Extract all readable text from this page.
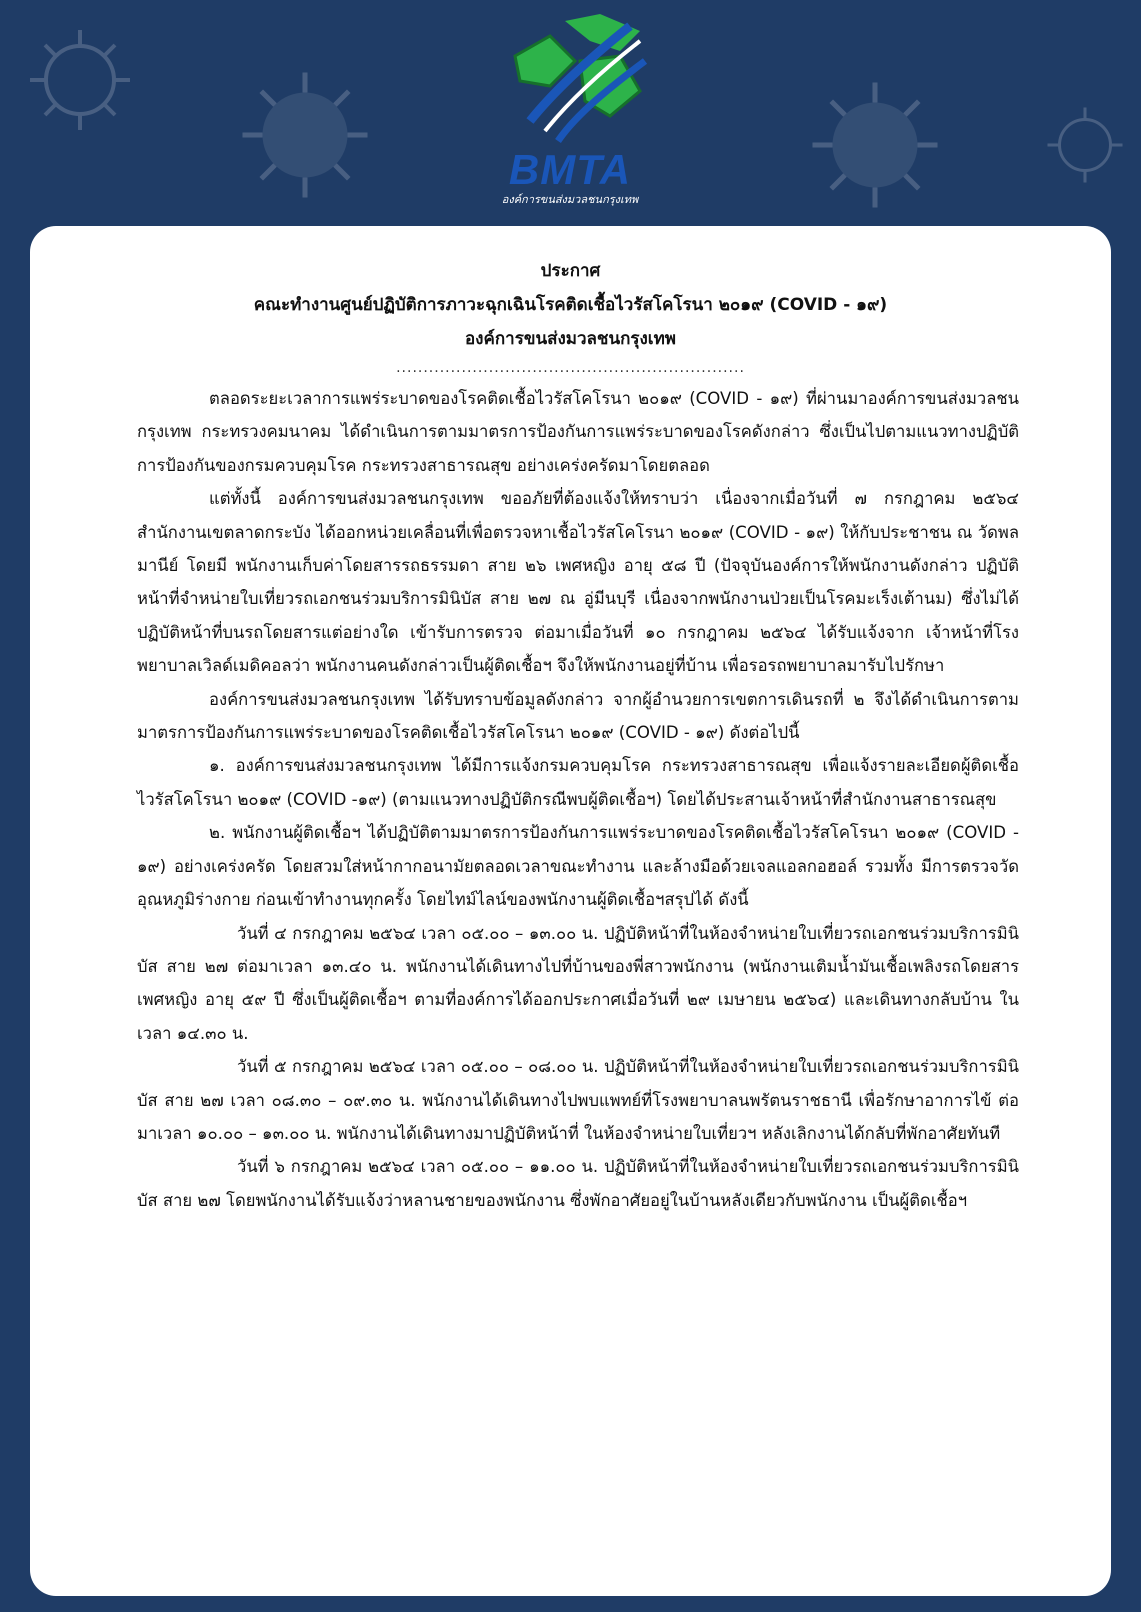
BMTA
องค์การขนส่งมวลชนกรุงเทพ
ประกาศ
คณะทำงานศูนย์ปฏิบัติการภาวะฉุกเฉินโรคติดเชื้อไวรัสโคโรนา ๒๐๑๙ (COVID - ๑๙)
องค์การขนส่งมวลชนกรุงเทพ
................................................................

ตลอดระยะเวลาการแพร่ระบาดของโรคติดเชื้อไวรัสโคโรนา ๒๐๑๙ (COVID - ๑๙) ที่ผ่านมาองค์การขนส่งมวลชนกรุงเทพ กระทรวงคมนาคม ได้ดำเนินการตามมาตรการป้องกันการแพร่ระบาดของโรคดังกล่าว ซึ่งเป็นไปตามแนวทางปฏิบัติการป้องกันของกรมควบคุมโรค กระทรวงสาธารณสุข อย่างเคร่งครัดมาโดยตลอด

แต่ทั้งนี้ องค์การขนส่งมวลชนกรุงเทพ ขออภัยที่ต้องแจ้งให้ทราบว่า เนื่องจากเมื่อวันที่ ๗ กรกฎาคม ๒๕๖๔ สำนักงานเขตลาดกระบัง ได้ออกหน่วยเคลื่อนที่เพื่อตรวจหาเชื้อไวรัสโคโรนา ๒๐๑๙ (COVID - ๑๙) ให้กับประชาชน ณ วัดพลมานีย์ โดยมี พนักงานเก็บค่าโดยสารรถธรรมดา สาย ๒๖ เพศหญิง อายุ ๕๘ ปี (ปัจจุบันองค์การให้พนักงานดังกล่าว ปฏิบัติหน้าที่จำหน่ายใบเที่ยวรถเอกชนร่วมบริการมินิบัส สาย ๒๗ ณ อู่มีนบุรี เนื่องจากพนักงานป่วยเป็นโรคมะเร็งเต้านม) ซึ่งไม่ได้ปฏิบัติหน้าที่บนรถโดยสารแต่อย่างใด เข้ารับการตรวจ ต่อมาเมื่อวันที่ ๑๐ กรกฎาคม ๒๕๖๔ ได้รับแจ้งจาก เจ้าหน้าที่โรงพยาบาลเวิลด์เมดิคอลว่า พนักงานคนดังกล่าวเป็นผู้ติดเชื้อฯ จึงให้พนักงานอยู่ที่บ้าน เพื่อรอรถพยาบาลมารับไปรักษา

องค์การขนส่งมวลชนกรุงเทพ ได้รับทราบข้อมูลดังกล่าว จากผู้อำนวยการเขตการเดินรถที่ ๒ จึงได้ดำเนินการตามมาตรการป้องกันการแพร่ระบาดของโรคติดเชื้อไวรัสโคโรนา ๒๐๑๙ (COVID - ๑๙) ดังต่อไปนี้

๑. องค์การขนส่งมวลชนกรุงเทพ ได้มีการแจ้งกรมควบคุมโรค กระทรวงสาธารณสุข เพื่อแจ้งรายละเอียดผู้ติดเชื้อไวรัสโคโรนา ๒๐๑๙ (COVID -๑๙) (ตามแนวทางปฏิบัติกรณีพบผู้ติดเชื้อฯ) โดยได้ประสานเจ้าหน้าที่สำนักงานสาธารณสุข

๒. พนักงานผู้ติดเชื้อฯ ได้ปฏิบัติตามมาตรการป้องกันการแพร่ระบาดของโรคติดเชื้อไวรัสโคโรนา ๒๐๑๙ (COVID - ๑๙) อย่างเคร่งครัด โดยสวมใส่หน้ากากอนามัยตลอดเวลาขณะทำงาน และล้างมือด้วยเจลแอลกอฮอล์ รวมทั้ง มีการตรวจวัดอุณหภูมิร่างกาย ก่อนเข้าทำงานทุกครั้ง โดยไทม์ไลน์ของพนักงานผู้ติดเชื้อฯสรุปได้ ดังนี้

วันที่ ๔ กรกฎาคม ๒๕๖๔ เวลา ๐๕.๐๐ – ๑๓.๐๐ น. ปฏิบัติหน้าที่ในห้องจำหน่ายใบเที่ยวรถเอกชนร่วมบริการมินิบัส สาย ๒๗ ต่อมาเวลา ๑๓.๔๐ น. พนักงานได้เดินทางไปที่บ้านของพี่สาวพนักงาน (พนักงานเติมน้ำมันเชื้อเพลิงรถโดยสาร เพศหญิง อายุ ๕๙ ปี ซึ่งเป็นผู้ติดเชื้อฯ ตามที่องค์การได้ออกประกาศเมื่อวันที่ ๒๙ เมษายน ๒๕๖๔) และเดินทางกลับบ้าน ในเวลา ๑๔.๓๐ น.

วันที่ ๕ กรกฎาคม ๒๕๖๔ เวลา ๐๕.๐๐ – ๐๘.๐๐ น. ปฏิบัติหน้าที่ในห้องจำหน่ายใบเที่ยวรถเอกชนร่วมบริการมินิบัส สาย ๒๗ เวลา ๐๘.๓๐ – ๐๙.๓๐ น. พนักงานได้เดินทางไปพบแพทย์ที่โรงพยาบาลนพรัตนราชธานี เพื่อรักษาอาการไข้ ต่อมาเวลา ๑๐.๐๐ – ๑๓.๐๐ น. พนักงานได้เดินทางมาปฏิบัติหน้าที่ ในห้องจำหน่ายใบเที่ยวฯ หลังเลิกงานได้กลับที่พักอาศัยทันที

วันที่ ๖ กรกฎาคม ๒๕๖๔ เวลา ๐๕.๐๐ – ๑๑.๐๐ น. ปฏิบัติหน้าที่ในห้องจำหน่ายใบเที่ยวรถเอกชนร่วมบริการมินิบัส สาย ๒๗ โดยพนักงานได้รับแจ้งว่าหลานชายของพนักงาน ซึ่งพักอาศัยอยู่ในบ้านหลังเดียวกับพนักงาน เป็นผู้ติดเชื้อฯ
